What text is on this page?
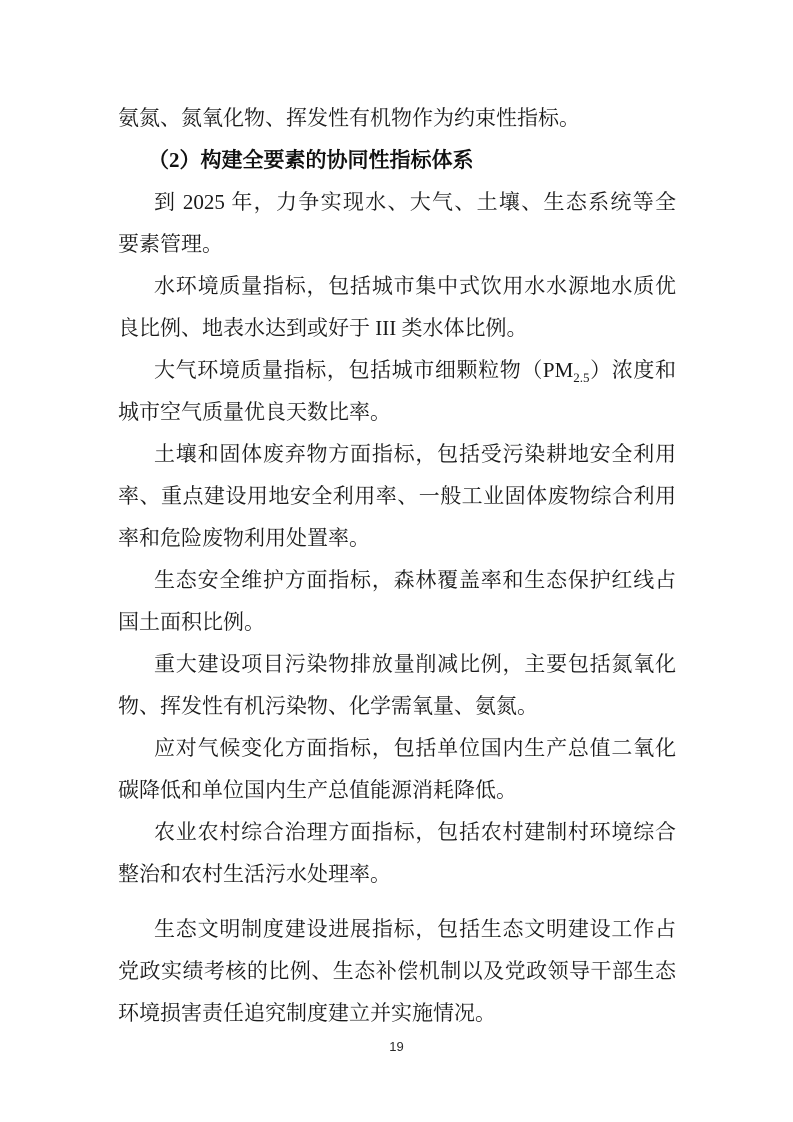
氨氮、氮氧化物、挥发性有机物作为约束性指标。
（2）构建全要素的协同性指标体系
到 2025 年，力争实现水、大气、土壤、生态系统等全
要素管理。
水环境质量指标，包括城市集中式饮用水水源地水质优
良比例、地表水达到或好于 III 类水体比例。
大气环境质量指标，包括城市细颗粒物$(PM_{2.5})$浓度和
城市空气质量优良天数比率。
土壤和固体废弃物方面指标，包括受污染耕地安全利用
率、重点建设用地安全利用率、一般工业固体废物综合利用
率和危险废物利用处置率。
生态安全维护方面指标，森林覆盖率和生态保护红线占
国土面积比例。
重大建设项目污染物排放量削减比例，主要包括氮氧化
物、挥发性有机污染物、化学需氧量、氨氮。
应对气候变化方面指标，包括单位国内生产总值二氧化
碳降低和单位国内生产总值能源消耗降低。
农业农村综合治理方面指标，包括农村建制村环境综合
整治和农村生活污水处理率。
生态文明制度建设进展指标，包括生态文明建设工作占
党政实绩考核的比例、生态补偿机制以及党政领导干部生态
环境损害责任追究制度建立并实施情况。
19
